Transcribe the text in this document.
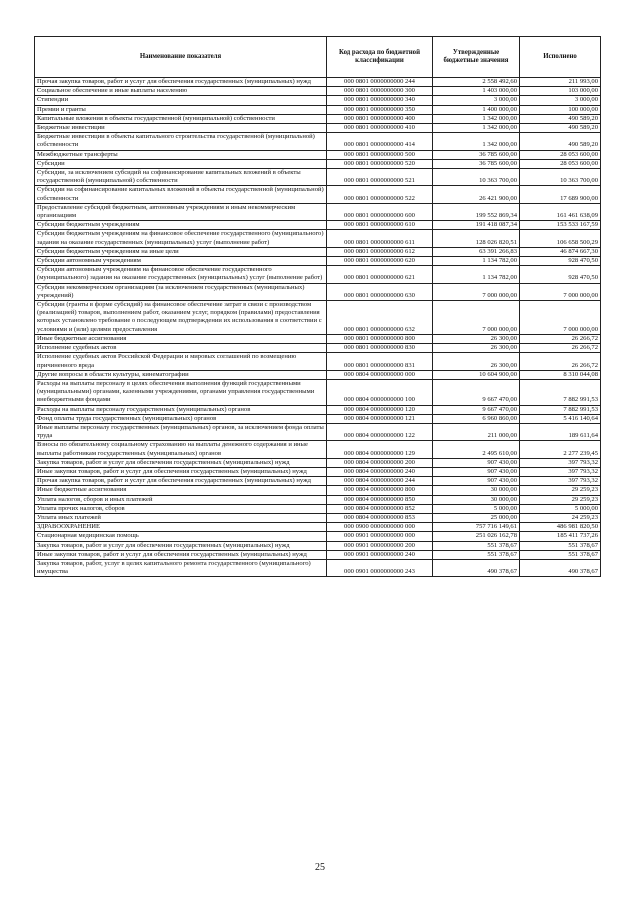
Наименование показателя	Код расхода по бюджетной классификации	Утвержденные бюджетные значения	Исполнено
Прочая закупка товаров, работ и услуг для обеспечения государственных (муниципальных) нужд	000 0801 0000000000 244	2 558 492,60	211 993,00
Социальное обеспечение и иные выплаты населению	000 0801 0000000000 300	1 403 000,00	103 000,00
Стипендии	000 0801 0000000000 340	3 000,00	3 000,00
Премии и гранты	000 0801 0000000000 350	1 400 000,00	100 000,00
Капитальные вложения в объекты государственной (муниципальной) собственности	000 0801 0000000000 400	1 342 000,00	490 589,20
Бюджетные инвестиции	000 0801 0000000000 410	1 342 000,00	490 589,20
Бюджетные инвестиции в объекты капитального строительства государственной (муниципальной) собственности	000 0801 0000000000 414	1 342 000,00	490 589,20
Межбюджетные трансферты	000 0801 0000000000 500	36 785 600,00	28 053 600,00
Субсидии	000 0801 0000000000 520	36 785 600,00	28 053 600,00
Субсидии, за исключением субсидий на софинансирование капитальных вложений в объекты государственной (муниципальной) собственности	000 0801 0000000000 521	10 363 700,00	10 363 700,00
Субсидии на софинансирование капитальных вложений в объекты государственной (муниципальной) собственности	000 0801 0000000000 522	26 421 900,00	17 689 900,00
Предоставление субсидий бюджетным, автономным учреждениям и иным некоммерческим организациям	000 0801 0000000000 600	199 552 869,34	161 461 638,09
Субсидии бюджетным учреждениям	000 0801 0000000000 610	191 418 087,34	153 533 167,59
Субсидии бюджетным учреждениям на финансовое обеспечение государственного (муниципального) задания на оказание государственных (муниципальных) услуг (выполнение работ)	000 0801 0000000000 611	128 026 820,51	106 658 500,29
Субсидии бюджетным учреждениям на иные цели	000 0801 0000000000 612	63 391 266,83	46 874 667,30
Субсидии автономным учреждениям	000 0801 0000000000 620	1 134 782,00	928 470,50
Субсидии автономным учреждениям на финансовое обеспечение государственного (муниципального) задания на оказание государственных (муниципальных) услуг (выполнение работ)	000 0801 0000000000 621	1 134 782,00	928 470,50
Субсидии некоммерческим организациям (за исключением государственных (муниципальных) учреждений)	000 0801 0000000000 630	7 000 000,00	7 000 000,00
Субсидии (гранты в форме субсидий) на финансовое обеспечение затрат в связи с производством (реализацией) товаров, выполнением работ, оказанием услуг, порядком (правилами) предоставления которых установлено требование о последующем подтверждении их использования в соответствии с условиями и (или) целями предоставления	000 0801 0000000000 632	7 000 000,00	7 000 000,00
Иные бюджетные ассигнования	000 0801 0000000000 800	26 300,00	26 266,72
Исполнение судебных актов	000 0801 0000000000 830	26 300,00	26 266,72
Исполнение судебных актов Российской Федерации и мировых соглашений по возмещению причиненного вреда	000 0801 0000000000 831	26 300,00	26 266,72
Другие вопросы в области культуры, кинематографии	000 0804 0000000000 000	10 604 900,00	8 310 044,08
Расходы на выплаты персоналу в целях обеспечения выполнения функций государственными (муниципальными) органами, казенными учреждениями, органами управления государственными внебюджетными фондами	000 0804 0000000000 100	9 667 470,00	7 882 991,53
Расходы на выплаты персоналу государственных (муниципальных) органов	000 0804 0000000000 120	9 667 470,00	7 882 991,53
Фонд оплаты труда государственных (муниципальных) органов	000 0804 0000000000 121	6 960 860,00	5 416 140,64
Иные выплаты персоналу государственных (муниципальных) органов, за исключением фонда оплаты труда	000 0804 0000000000 122	211 000,00	189 611,64
Взносы по обязательному социальному страхованию на выплаты денежного содержания и иные выплаты работникам государственных (муниципальных) органов	000 0804 0000000000 129	2 495 610,00	2 277 239,45
Закупка товаров, работ и услуг для обеспечения государственных (муниципальных) нужд	000 0804 0000000000 200	907 430,00	397 793,32
Иные закупки товаров, работ и услуг для обеспечения государственных (муниципальных) нужд	000 0804 0000000000 240	907 430,00	397 793,32
Прочая закупка товаров, работ и услуг для обеспечения государственных (муниципальных) нужд	000 0804 0000000000 244	907 430,00	397 793,32
Иные бюджетные ассигнования	000 0804 0000000000 800	30 000,00	29 259,23
Уплата налогов, сборов и иных платежей	000 0804 0000000000 850	30 000,00	29 259,23
Уплата прочих налогов, сборов	000 0804 0000000000 852	5 000,00	5 000,00
Уплата иных платежей	000 0804 0000000000 853	25 000,00	24 259,23
ЗДРАВООХРАНЕНИЕ	000 0900 0000000000 000	757 716 149,61	486 981 820,50
Стационарная медицинская помощь	000 0901 0000000000 000	251 026 162,78	185 411 737,26
Закупка товаров, работ и услуг для обеспечения государственных (муниципальных) нужд	000 0901 0000000000 200	551 378,67	551 378,67
Иные закупки товаров, работ и услуг для обеспечения государственных (муниципальных) нужд	000 0901 0000000000 240	551 378,67	551 378,67
Закупка товаров, работ, услуг в целях капитального ремонта государственного (муниципального) имущества	000 0901 0000000000 243	490 378,67	490 378,67
25
